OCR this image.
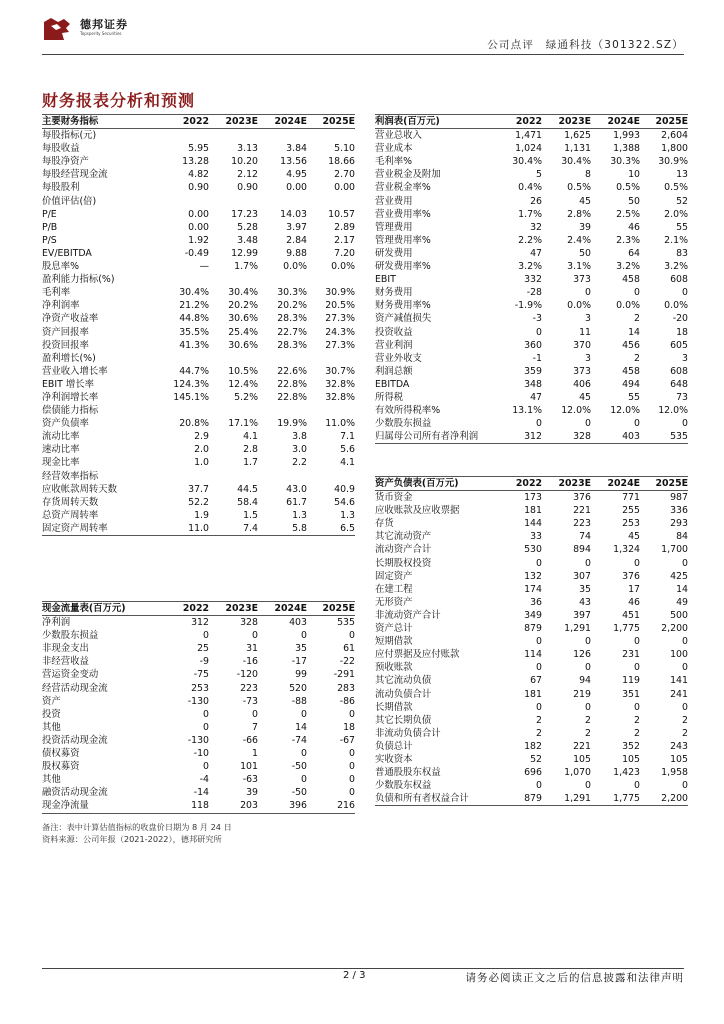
德邦证券
Topsperity Securities
公司点评　绿通科技（301322.SZ）
财务报表分析和预测
主要财务指标	2022	2023E	2024E	2025E
每股指标(元)				
每股收益	5.95	3.13	3.84	5.10
每股净资产	13.28	10.20	13.56	18.66
每股经营现金流	4.82	2.12	4.95	2.70
每股股利	0.90	0.90	0.00	0.00
价值评估(倍)				
P/E	0.00	17.23	14.03	10.57
P/B	0.00	5.28	3.97	2.89
P/S	1.92	3.48	2.84	2.17
EV/EBITDA	-0.49	12.99	9.88	7.20
股息率%	—	1.7%	0.0%	0.0%
盈利能力指标(%)				
毛利率	30.4%	30.4%	30.3%	30.9%
净利润率	21.2%	20.2%	20.2%	20.5%
净资产收益率	44.8%	30.6%	28.3%	27.3%
资产回报率	35.5%	25.4%	22.7%	24.3%
投资回报率	41.3%	30.6%	28.3%	27.3%
盈利增长(%)				
营业收入增长率	44.7%	10.5%	22.6%	30.7%
EBIT 增长率	124.3%	12.4%	22.8%	32.8%
净利润增长率	145.1%	5.2%	22.8%	32.8%
偿债能力指标				
资产负债率	20.8%	17.1%	19.9%	11.0%
流动比率	2.9	4.1	3.8	7.1
速动比率	2.0	2.8	3.0	5.6
现金比率	1.0	1.7	2.2	4.1
经营效率指标				
应收帐款周转天数	37.7	44.5	43.0	40.9
存货周转天数	52.2	58.4	61.7	54.6
总资产周转率	1.9	1.5	1.3	1.3
固定资产周转率	11.0	7.4	5.8	6.5
利润表(百万元)	2022	2023E	2024E	2025E
营业总收入	1,471	1,625	1,993	2,604
营业成本	1,024	1,131	1,388	1,800
毛利率%	30.4%	30.4%	30.3%	30.9%
营业税金及附加	5	8	10	13
营业税金率%	0.4%	0.5%	0.5%	0.5%
营业费用	26	45	50	52
营业费用率%	1.7%	2.8%	2.5%	2.0%
管理费用	32	39	46	55
管理费用率%	2.2%	2.4%	2.3%	2.1%
研发费用	47	50	64	83
研发费用率%	3.2%	3.1%	3.2%	3.2%
EBIT	332	373	458	608
财务费用	-28	0	0	0
财务费用率%	-1.9%	0.0%	0.0%	0.0%
资产减值损失	-3	3	2	-20
投资收益	0	11	14	18
营业利润	360	370	456	605
营业外收支	-1	3	2	3
利润总额	359	373	458	608
EBITDA	348	406	494	648
所得税	47	45	55	73
有效所得税率%	13.1%	12.0%	12.0%	12.0%
少数股东损益	0	0	0	0
归属母公司所有者净利润	312	328	403	535
现金流量表(百万元)	2022	2023E	2024E	2025E
净利润	312	328	403	535
少数股东损益	0	0	0	0
非现金支出	25	31	35	61
非经营收益	-9	-16	-17	-22
营运资金变动	-75	-120	99	-291
经营活动现金流	253	223	520	283
资产	-130	-73	-88	-86
投资	0	0	0	0
其他	0	7	14	18
投资活动现金流	-130	-66	-74	-67
债权募资	-10	1	0	0
股权募资	0	101	-50	0
其他	-4	-63	0	0
融资活动现金流	-14	39	-50	0
现金净流量	118	203	396	216
资产负债表(百万元)	2022	2023E	2024E	2025E
货币资金	173	376	771	987
应收账款及应收票据	181	221	255	336
存货	144	223	253	293
其它流动资产	33	74	45	84
流动资产合计	530	894	1,324	1,700
长期股权投资	0	0	0	0
固定资产	132	307	376	425
在建工程	174	35	17	14
无形资产	36	43	46	49
非流动资产合计	349	397	451	500
资产总计	879	1,291	1,775	2,200
短期借款	0	0	0	0
应付票据及应付账款	114	126	231	100
预收账款	0	0	0	0
其它流动负债	67	94	119	141
流动负债合计	181	219	351	241
长期借款	0	0	0	0
其它长期负债	2	2	2	2
非流动负债合计	2	2	2	2
负债总计	182	221	352	243
实收资本	52	105	105	105
普通股股东权益	696	1,070	1,423	1,958
少数股东权益	0	0	0	0
负债和所有者权益合计	879	1,291	1,775	2,200
备注：表中计算估值指标的收盘价日期为 8 月 24 日
资料来源：公司年报（2021-2022），德邦研究所
2 / 3	请务必阅读正文之后的信息披露和法律声明
